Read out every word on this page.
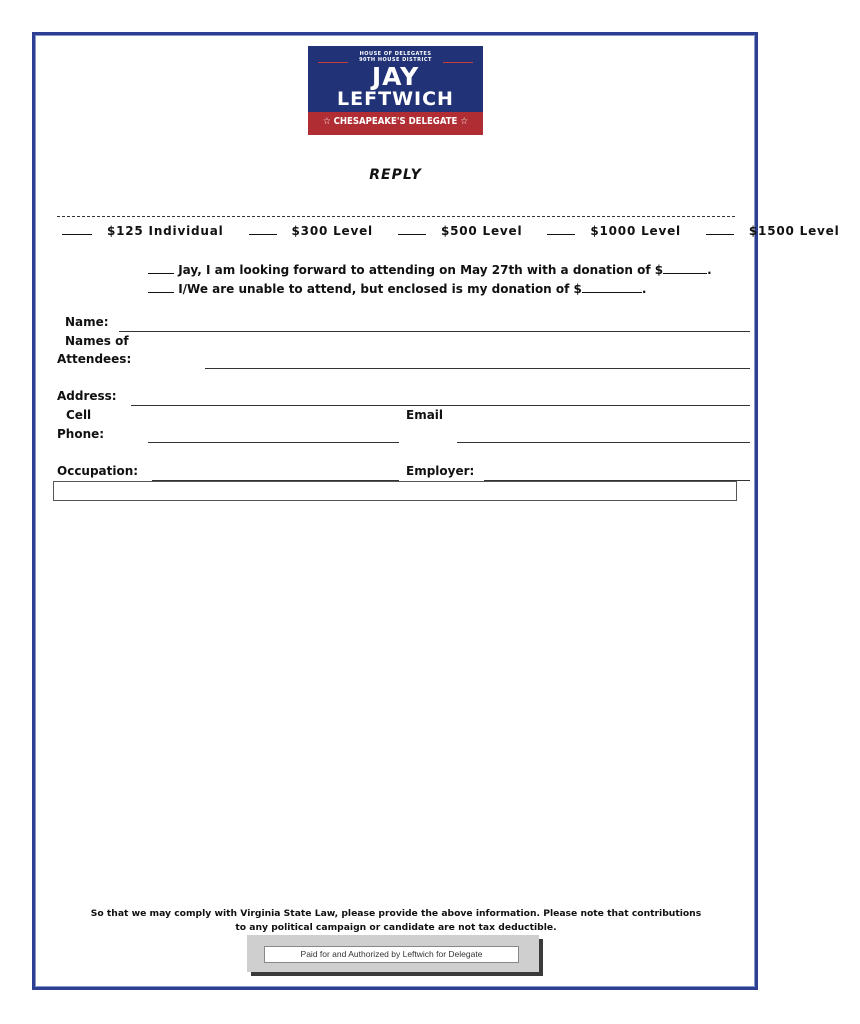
HOUSE OF DELEGATES
90TH HOUSE DISTRICT
JAY
LEFTWICH
☆ CHESAPEAKE'S DELEGATE ☆
REPLY
$125 Individual	$300 Level	$500 Level	$1000 Level	$1500 Level
Jay, I am looking forward to attending on May 27th with a donation of $	.
I/We are unable to attend, but enclosed is my donation of $	.
Name:
Names of
Attendees:
Address:
Cell
Phone:
Email
Occupation:	Employer:
So that we may comply with Virginia State Law, please provide the above information. Please note that contributions
to any political campaign or candidate are not tax deductible.
Paid for and Authorized by Leftwich for Delegate
